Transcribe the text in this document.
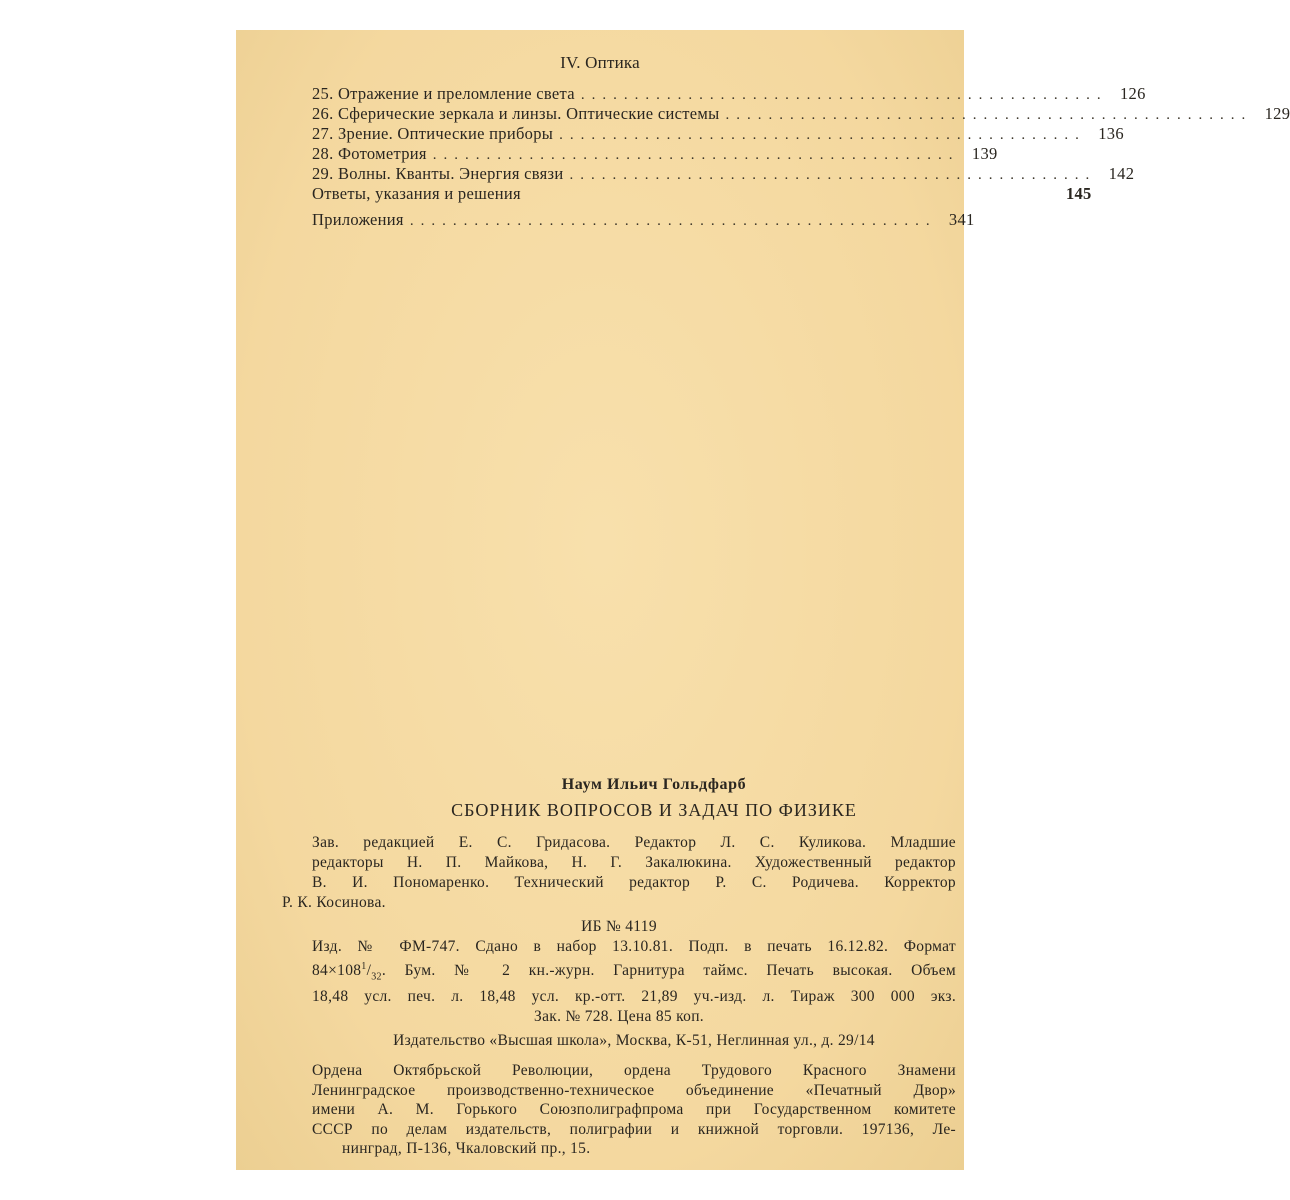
IV. Оптика
25. Отражение и преломление света ................................................. 126
26. Сферические зеркала и линзы. Оптические системы ................................................. 129
27. Зрение. Оптические приборы ................................................. 136
28. Фотометрия ................................................. 139
29. Волны. Кванты. Энергия связи ................................................. 142
Ответы, указания и решения	145
Приложения ................................................. 341
Наум Ильич Гольдфарб
СБОРНИК ВОПРОСОВ И ЗАДАЧ ПО ФИЗИКЕ
Зав. редакцией Е. С. Гридасова. Редактор Л. С. Куликова. Младшие
редакторы Н. П. Майкова, Н. Г. Закалюкина. Художественный редактор
В. И. Пономаренко. Технический редактор Р. С. Родичева. Корректор
Р. К. Косинова.
ИБ № 4119
Изд. № ФМ-747. Сдано в набор 13.10.81. Подп. в печать 16.12.82. Формат
$84\times 108^1/_{32}$. Бум. № 2 кн.-журн. Гарнитура таймс. Печать высокая. Объем
18,48 усл. печ. л. 18,48 усл. кр.-отт. 21,89 уч.-изд. л. Тираж 300 000 экз.
Зак. № 728. Цена 85 коп.
Издательство «Высшая школа», Москва, К-51, Неглинная ул., д. 29/14
Ордена Октябрьской Революции, ордена Трудового Красного Знамени
Ленинградское производственно-техническое объединение «Печатный Двор»
имени А. М. Горького Союзполиграфпрома при Государственном комитете
СССР по делам издательств, полиграфии и книжной торговли. 197136, Ле-
нинград, П-136, Чкаловский пр., 15.
